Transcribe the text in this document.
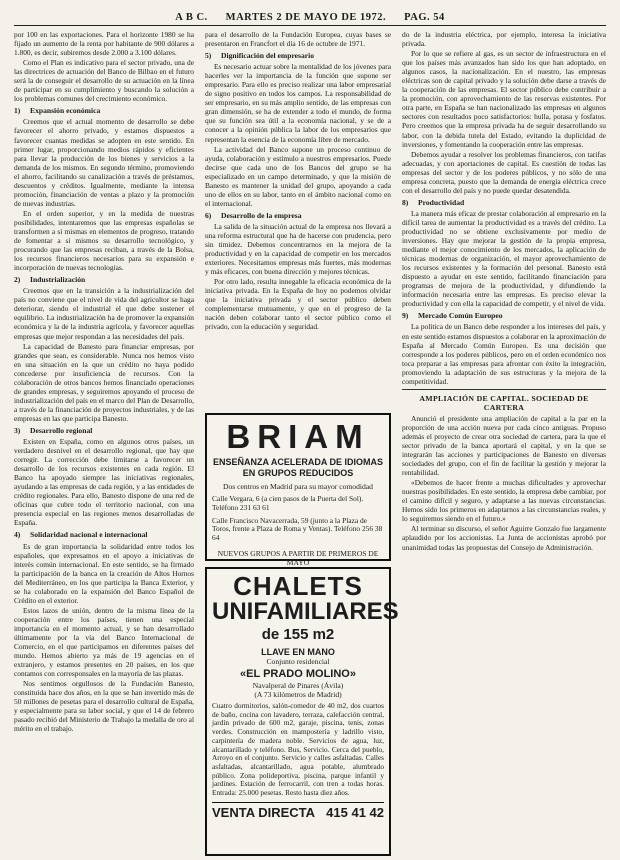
A B C. MARTES 2 DE MAYO DE 1972. PAG. 54

por 100 en las exportaciones. Para el horizonte 1980 se ha fijado un aumento de la renta por habitante de 900 dólares a 1.800, es decir, subiremos desde 2.000 a 3.100 dólares.

Como el Plan es indicativo para el sector privado, una de las directrices de actuación del Banco de Bilbao en el futuro será la de conseguir el desarrollo de su actuación en la línea de participar en su cumplimiento y buscando la solución a los problemas comunes del crecimiento económico.

1) Expansión económica

Creemos que el actual momento de desarrollo se debe favorecer el ahorro privado, y estamos dispuestos a favorecer cuantas medidas se adopten en este sentido. En primer lugar, proporcionando medios rápidos y eficientes para llevar la producción de los bienes y servicios a la demanda de los mismos. En segundo término, promoviendo el ahorro, facilitando su canalización a través de préstamos, descuentos y créditos. Igualmente, mediante la intensa promoción, financiación de ventas a plazo y la promoción de nuevas industrias.

En el orden superior, y en la medida de nuestras posibilidades, intentaremos que las empresas españolas se transformen a sí mismas en elementos de progreso, tratando de fomentar a sí mismos su desarrollo tecnológico, y procurando que las empresas reciban, a través de la Bolsa, los recursos financieros necesarios para su expansión e incorporación de nuevas tecnologías.

2) Industrialización

Creemos que en la transición a la industrialización del país no conviene que el nivel de vida del agricultor se haga deteriorar, siendo el industrial el que debe sostener el equilibrio. La industrialización ha de promover la expansión económica y la de la industria agrícola, y favorecer aquellas empresas que mejor respondan a las necesidades del país.

La capacidad de Banesto para financiar empresas, por grandes que sean, es considerable. Nunca nos hemos visto en una situación en la que un crédito no haya podido concederse por insuficiencia de recursos. Con la colaboración de otros bancos hemos financiado operaciones de grandes empresas, y seguiremos apoyando el proceso de industrialización del país en el marco del Plan de Desarrollo, a través de la financiación de proyectos industriales, y de las empresas en las que participa Banesto.

3) Desarrollo regional

Existen en España, como en algunos otros países, un verdadero desnivel en el desarrollo regional, que hay que corregir. La corrección debe limitarse a favorecer un desarrollo de los recursos existentes en cada región. El Banco ha apoyado siempre las iniciativas regionales, ayudando a las empresas de cada región, y a las entidades de crédito regionales. Para ello, Banesto dispone de una red de oficinas que cubre todo el territorio nacional, con una presencia especial en las regiones menos desarrolladas de España.

4) Solidaridad nacional e internacional

Es de gran importancia la solidaridad entre todos los españoles, que expresamos en el apoyo a iniciativas de interés común internacional. En este sentido, se ha firmado la participación de la banca en la creación de Altos Hornos del Mediterráneo, en los que participa la Banca Exterior, y se ha colaborado en la expansión del Banco Español de Crédito en el exterior.

Estos lazos de unión, dentro de la misma línea de la cooperación entre los países, tienen una especial importancia en el momento actual, y se han desarrollado últimamente por la vía del Banco Internacional de Comercio, en el que participamos en diferentes países del mundo. Hemos abierto ya más de 19 agencias en el extranjero, y estamos presentes en 20 países, en los que contamos con corresponsales en la mayoría de las plazas.

Nos sentimos orgullosos de la Fundación Banesto, constituida hace dos años, en la que se han invertido más de 50 millones de pesetas para el desarrollo cultural de España, y especialmente para su labor social, y que el 14 de febrero pasado recibió del Ministerio de Trabajo la medalla de oro al mérito en el trabajo.

para el desarrollo de la Fundación Europea, cuyas bases se presentaron en Francfort el día 16 de octubre de 1971.

5) Dignificación del empresario

Es necesario actuar sobre la mentalidad de los jóvenes para hacerles ver la importancia de la función que supone ser empresario. Para ello es preciso realizar una labor empresarial de signo positivo en todos los campos. La responsabilidad de ser empresario, en su más amplio sentido, de las empresas con gran dimensión, se ha de extender a todo el mundo, de forma que su función sea útil a la economía nacional, y se de a conocer a la opinión pública la labor de los empresarios que representan la esencia de la economía libre de mercado.

La actividad del Banco supone un proceso continuo de ayuda, colaboración y estímulo a nuestros empresarios. Puede decirse que cada uno de los Bancos del grupo se ha especializado en un campo determinado, y que la misión de Banesto es mantener la unidad del grupo, apoyando a cada uno de ellos en su labor, tanto en el ámbito nacional como en el internacional.

6) Desarrollo de la empresa

La salida de la situación actual de la empresa nos llevará a una reforma estructural que ha de hacerse con prudencia, pero sin timidez. Debemos concentrarnos en la mejora de la productividad y en la capacidad de competir en los mercados exteriores. Necesitamos empresas más fuertes, más modernas y más eficaces, con buena dirección y mejores técnicas.

Por otro lado, resulta innegable la eficacia económica de la iniciativa privada. En la España de hoy no podemos olvidar que la iniciativa privada y el sector público deben complementarse mutuamente, y que en el progreso de la nación deben colaborar tanto el sector público como el privado, con la educación y seguridad.

BRIAM
ENSEÑANZA ACELERADA DE IDIOMAS EN GRUPOS REDUCIDOS
Dos centros en Madrid para su mayor comodidad
Calle Vergara, 6 (a cien pasos de la Puerta del Sol). Teléfono 231 63 61
Calle Francisco Navacerrada, 59 (junto a la Plaza de Toros, frente a Plaza de Roma y Ventas). Teléfono 256 38 64
NUEVOS GRUPOS A PARTIR DE PRIMEROS DE MAYO
CHALETS
UNIFAMILIARES
de 155 m2
LLAVE EN MANO
Conjunto residencial
«EL PRADO MOLINO»
Navalperal de Pinares (Ávila)
(A 73 kilómetros de Madrid)
Cuatro dormitorios, salón-comedor de 40 m2, dos cuartos de baño, cocina con lavadero, terraza, calefacción central, jardín privado de 600 m2, garaje, piscina, tenis, zonas verdes. Construcción en mampostería y ladrillo visto, carpintería de madera noble. Servicios de agua, luz, alcantarillado y teléfono. Bus, Servicio. Cerca del pueblo, Arroyo en el conjunto. Servicio y calles asfaltadas. Calles asfaltadas, alcantarillado, agua potable, alumbrado público. Zona polideportiva, piscina, parque infantil y jardines. Estación de ferrocarril, con tren a todas horas. Entrada: 25.000 pesetas. Resto hasta diez años.
VENTA DIRECTA 415 41 42

do de la industria eléctrica, por ejemplo, interesa la iniciativa privada.

Por lo que se refiere al gas, es un sector de infraestructura en el que los países más avanzados han sido los que han adoptado, en algunos casos, la nacionalización. En el nuestro, las empresas eléctricas son de capital privado y la solución debe darse a través de la cooperación de las empresas. El sector público debe contribuir a la promoción, con aprovechamiento de las reservas existentes. Por otra parte, en España se han nacionalizado las empresas en algunos sectores con resultados poco satisfactorios: hulla, potasa y fosfatos. Pero creemos que la empresa privada ha de seguir desarrollando su labor, con la debida tutela del Estado, evitando la duplicidad de inversiones, y fomentando la cooperación entre las empresas.

Debemos ayudar a resolver los problemas financieros, con tarifas adecuadas, y con aportaciones de capital. Es cuestión de todas las empresas del sector y de los poderes públicos, y no sólo de una empresa concreta, puesto que la demanda de energía eléctrica crece con el desarrollo del país y no puede quedar desatendida.

8) Productividad

La manera más eficaz de prestar colaboración al empresario en la difícil tarea de aumentar la productividad es a través del crédito. La productividad no se obtiene exclusivamente por medio de inversiones. Hay que mejorar la gestión de la propia empresa, mediante el mejor conocimiento de los mercados, la aplicación de técnicas modernas de organización, el mayor aprovechamiento de los recursos existentes y la formación del personal. Banesto está dispuesto a ayudar en este sentido, facilitando financiación para programas de mejora de la productividad, y difundiendo la información necesaria entre las empresas. Es preciso elevar la productividad y con ella la capacidad de competir, y el nivel de vida.

9) Mercado Común Europeo

La política de un Banco debe responder a los intereses del país, y en este sentido estamos dispuestos a colaborar en la aproximación de España al Mercado Común Europeo. Es una decisión que corresponde a los poderes públicos, pero en el orden económico nos toca preparar a las empresas para afrontar con éxito la integración, promoviendo la adaptación de sus estructuras y la mejora de la competitividad.

AMPLIACIÓN DE CAPITAL. SOCIEDAD DE CARTERA

Anunció el presidente una ampliación de capital a la par en la proporción de una acción nueva por cada cinco antiguas. Propuso además el proyecto de crear otra sociedad de cartera, para la que el sector privado de la banca aportará el capital, y en la que se integrarán las acciones y participaciones de Banesto en diversas sociedades del grupo, con el fin de facilitar la gestión y mejorar la rentabilidad.

«Debemos de hacer frente a muchas dificultades y aprovechar nuestras posibilidades. En este sentido, la empresa debe cambiar, por el camino difícil y seguro, y adaptarse a las nuevas circunstancias. Hemos sido los primeros en adaptarnos a las circunstancias reales, y lo seguiremos siendo en el futuro.»

Al terminar su discurso, el señor Aguirre Gonzalo fue largamente aplaudido por los accionistas. La Junta de accionistas aprobó por unanimidad todas las propuestas del Consejo de Administración.
